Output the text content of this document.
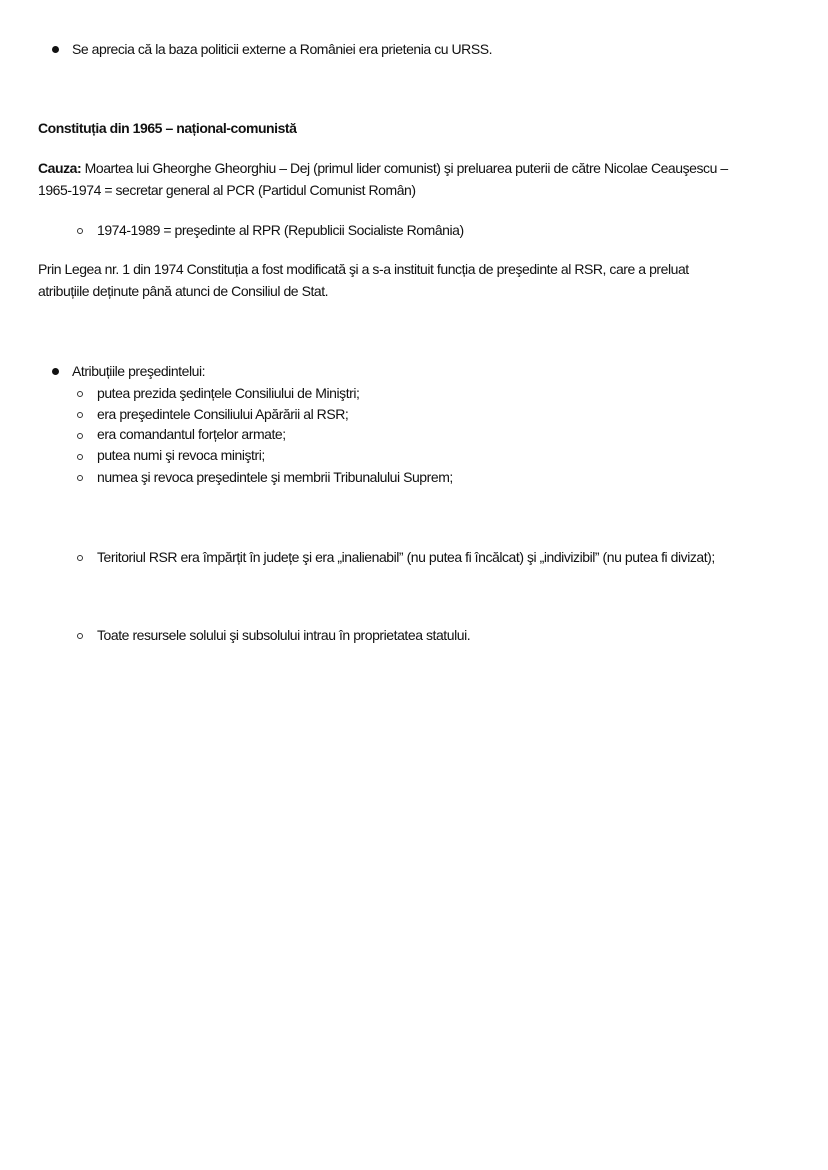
Se aprecia că la baza politicii externe a României era prietenia cu URSS.
Constituția din 1965 – național-comunistă
Cauza: Moartea lui Gheorghe Gheorghiu – Dej (primul lider comunist) şi preluarea puterii de către Nicolae Ceauşescu –
1965-1974 = secretar general al PCR (Partidul Comunist Român)
1974-1989 = preşedinte al RPR (Republicii Socialiste România)
Prin Legea nr. 1 din 1974 Constituția a fost modificată şi a s-a instituit funcția de preşedinte al RSR, care a preluat
atribuțiile deținute până atunci de Consiliul de Stat.
Atribuțiile preşedintelui:
putea prezida şedințele Consiliului de Miniştri;
era preşedintele Consiliului Apărării al RSR;
era comandantul forțelor armate;
putea numi şi revoca miniştri;
numea şi revoca preşedintele şi membrii Tribunalului Suprem;
Teritoriul RSR era împărțit în județe şi era „inalienabil” (nu putea fi încălcat) şi „indivizibil” (nu putea fi divizat);
Toate resursele solului şi subsolului intrau în proprietatea statului.
